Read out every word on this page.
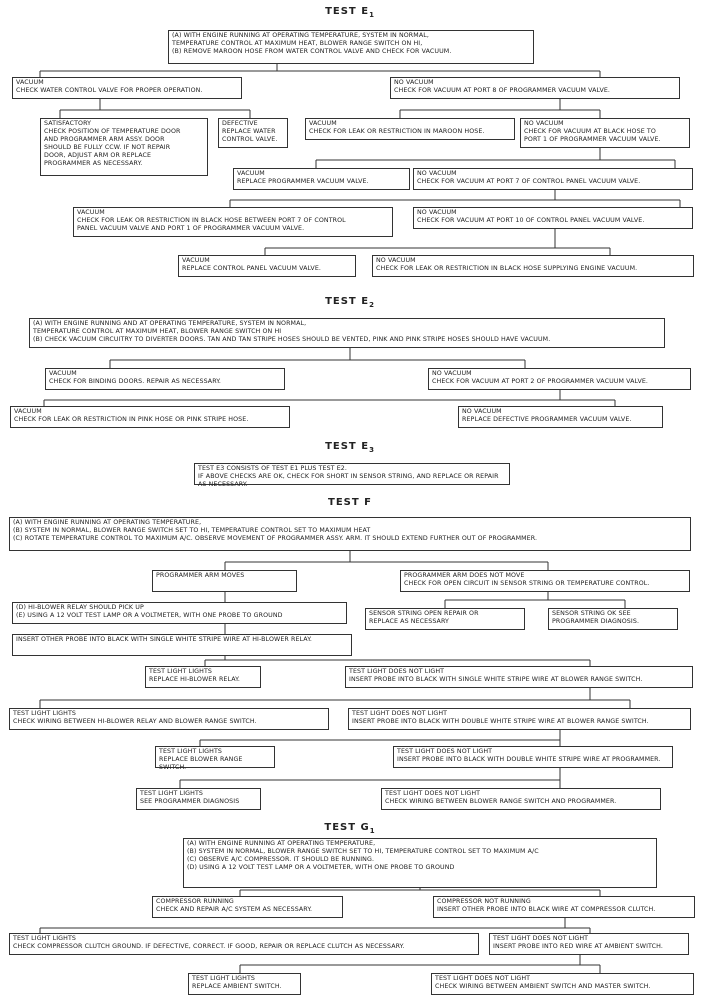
TEST $E_1$
(A) WITH ENGINE RUNNING AT OPERATING TEMPERATURE, SYSTEM IN NORMAL,
TEMPERATURE CONTROL AT MAXIMUM HEAT, BLOWER RANGE SWITCH ON HI,
(B) REMOVE MAROON HOSE FROM WATER CONTROL VALVE AND CHECK FOR VACUUM.
VACUUM
CHECK WATER CONTROL VALVE FOR PROPER OPERATION.
NO VACUUM
CHECK FOR VACUUM AT PORT 8 OF PROGRAMMER VACUUM VALVE.
SATISFACTORY
CHECK POSITION OF TEMPERATURE DOOR
AND PROGRAMMER ARM ASSY. DOOR
SHOULD BE FULLY CCW. IF NOT REPAIR
DOOR, ADJUST ARM OR REPLACE
PROGRAMMER AS NECESSARY.
DEFECTIVE
REPLACE WATER
CONTROL VALVE.
VACUUM
CHECK FOR LEAK OR RESTRICTION IN MAROON HOSE.
NO VACUUM
CHECK FOR VACUUM AT BLACK HOSE TO
PORT 1 OF PROGRAMMER VACUUM VALVE.
VACUUM
REPLACE PROGRAMMER VACUUM VALVE.
NO VACUUM
CHECK FOR VACUUM AT PORT 7 OF CONTROL PANEL VACUUM VALVE.
VACUUM
CHECK FOR LEAK OR RESTRICTION IN BLACK HOSE BETWEEN PORT 7 OF CONTROL
PANEL VACUUM VALVE AND PORT 1 OF PROGRAMMER VACUUM VALVE.
NO VACUUM
CHECK FOR VACUUM AT PORT 10 OF CONTROL PANEL VACUUM VALVE.
VACUUM
REPLACE CONTROL PANEL VACUUM VALVE.
NO VACUUM
CHECK FOR LEAK OR RESTRICTION IN BLACK HOSE SUPPLYING ENGINE VACUUM.
TEST $E_2$
(A) WITH ENGINE RUNNING AND AT OPERATING TEMPERATURE, SYSTEM IN NORMAL,
TEMPERATURE CONTROL AT MAXIMUM HEAT, BLOWER RANGE SWITCH ON HI
(B) CHECK VACUUM CIRCUITRY TO DIVERTER DOORS. TAN AND TAN STRIPE HOSES SHOULD BE VENTED, PINK AND PINK STRIPE HOSES SHOULD HAVE VACUUM.
VACUUM
CHECK FOR BINDING DOORS. REPAIR AS NECESSARY.
NO VACUUM
CHECK FOR VACUUM AT PORT 2 OF PROGRAMMER VACUUM VALVE.
VACUUM
CHECK FOR LEAK OR RESTRICTION IN PINK HOSE OR PINK STRIPE HOSE.
NO VACUUM
REPLACE DEFECTIVE PROGRAMMER VACUUM VALVE.
TEST $E_3$
TEST E3 CONSISTS OF TEST E1 PLUS TEST E2.
IF ABOVE CHECKS ARE OK, CHECK FOR SHORT IN SENSOR STRING, AND REPLACE OR REPAIR AS NECESSARY.
TEST F
(A) WITH ENGINE RUNNING AT OPERATING TEMPERATURE,
(B) SYSTEM IN NORMAL, BLOWER RANGE SWITCH SET TO HI, TEMPERATURE CONTROL SET TO MAXIMUM HEAT
(C) ROTATE TEMPERATURE CONTROL TO MAXIMUM A/C. OBSERVE MOVEMENT OF PROGRAMMER ASSY. ARM. IT SHOULD EXTEND FURTHER OUT OF PROGRAMMER.
PROGRAMMER ARM MOVES	PROGRAMMER ARM DOES NOT MOVE
CHECK FOR OPEN CIRCUIT IN SENSOR STRING OR TEMPERATURE CONTROL.
(D) HI-BLOWER RELAY SHOULD PICK UP
(E) USING A 12 VOLT TEST LAMP OR A VOLTMETER, WITH ONE PROBE TO GROUND	SENSOR STRING OPEN REPAIR OR
REPLACE AS NECESSARY
SENSOR STRING OK SEE
PROGRAMMER DIAGNOSIS.
INSERT OTHER PROBE INTO BLACK WITH SINGLE WHITE STRIPE WIRE AT HI-BLOWER RELAY.
TEST LIGHT LIGHTS
REPLACE HI-BLOWER RELAY.
TEST LIGHT DOES NOT LIGHT
INSERT PROBE INTO BLACK WITH SINGLE WHITE STRIPE WIRE AT BLOWER RANGE SWITCH.
TEST LIGHT LIGHTS
CHECK WIRING BETWEEN HI-BLOWER RELAY AND BLOWER RANGE SWITCH.
TEST LIGHT DOES NOT LIGHT
INSERT PROBE INTO BLACK WITH DOUBLE WHITE STRIPE WIRE AT BLOWER RANGE SWITCH.
TEST LIGHT LIGHTS
REPLACE BLOWER RANGE SWITCH.
TEST LIGHT DOES NOT LIGHT
INSERT PROBE INTO BLACK WITH DOUBLE WHITE STRIPE WIRE AT PROGRAMMER.
TEST LIGHT LIGHTS
SEE PROGRAMMER DIAGNOSIS
TEST LIGHT DOES NOT LIGHT
CHECK WIRING BETWEEN BLOWER RANGE SWITCH AND PROGRAMMER.
TEST $G_1$
(A) WITH ENGINE RUNNING AT OPERATING TEMPERATURE,
(B) SYSTEM IN NORMAL, BLOWER RANGE SWITCH SET TO HI, TEMPERATURE CONTROL SET TO MAXIMUM A/C
(C) OBSERVE A/C COMPRESSOR. IT SHOULD BE RUNNING.
(D) USING A 12 VOLT TEST LAMP OR A VOLTMETER, WITH ONE PROBE TO GROUND
COMPRESSOR RUNNING
CHECK AND REPAIR A/C SYSTEM AS NECESSARY.
COMPRESSOR NOT RUNNING
INSERT OTHER PROBE INTO BLACK WIRE AT COMPRESSOR CLUTCH.
TEST LIGHT LIGHTS
CHECK COMPRESSOR CLUTCH GROUND. IF DEFECTIVE, CORRECT. IF GOOD, REPAIR OR REPLACE CLUTCH AS NECESSARY.
TEST LIGHT DOES NOT LIGHT
INSERT PROBE INTO RED WIRE AT AMBIENT SWITCH.
TEST LIGHT LIGHTS
REPLACE AMBIENT SWITCH.
TEST LIGHT DOES NOT LIGHT
CHECK WIRING BETWEEN AMBIENT SWITCH AND MASTER SWITCH.
